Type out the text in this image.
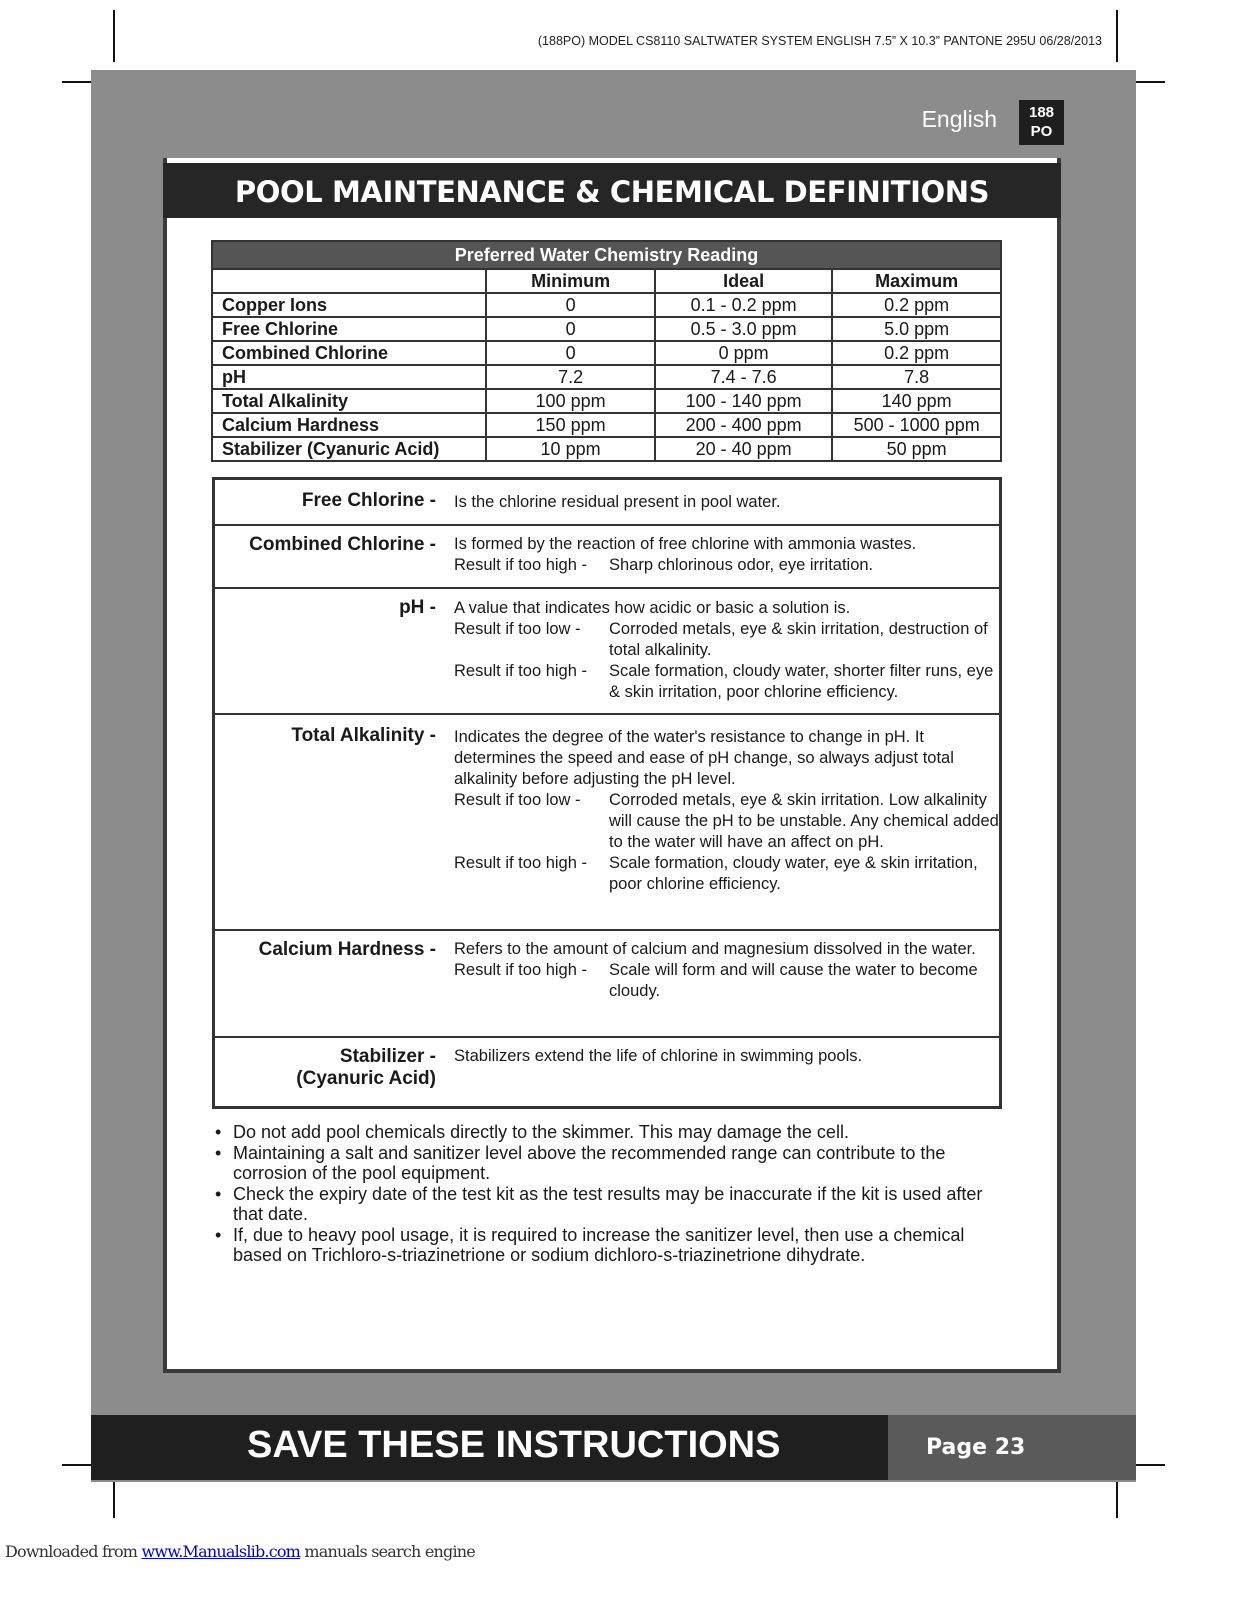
(188PO) MODEL CS8110 SALTWATER SYSTEM ENGLISH 7.5” X 10.3” PANTONE 295U 06/28/2013
English	188
PO
POOL MAINTENANCE & CHEMICAL DEFINITIONS
Preferred Water Chemistry Reading			
	Minimum	Ideal	Maximum
Copper Ions	0	0.1 - 0.2 ppm	0.2 ppm
Free Chlorine	0	0.5 - 3.0 ppm	5.0 ppm
Combined Chlorine	0	0 ppm	0.2 ppm
pH	7.2	7.4 - 7.6	7.8
Total Alkalinity	100 ppm	100 - 140 ppm	140 ppm
Calcium Hardness	150 ppm	200 - 400 ppm	500 - 1000 ppm
Stabilizer (Cyanuric Acid)	10 ppm	20 - 40 ppm	50 ppm
Free Chlorine - Is the chlorine residual present in pool water.
Combined Chlorine - Is formed by the reaction of free chlorine with ammonia wastes.
Result if too high - Sharp chlorinous odor, eye irritation.
pH - A value that indicates how acidic or basic a solution is.
Result if too low - Corroded metals, eye & skin irritation, destruction of total alkalinity.
Result if too high - Scale formation, cloudy water, shorter filter runs, eye & skin irritation, poor chlorine efficiency.
Total Alkalinity - Indicates the degree of the water's resistance to change in pH. It determines the speed and ease of pH change, so always adjust total alkalinity before adjusting the pH level.
Result if too low - Corroded metals, eye & skin irritation. Low alkalinity will cause the pH to be unstable. Any chemical added to the water will have an affect on pH.
Result if too high - Scale formation, cloudy water, eye & skin irritation, poor chlorine efficiency.
Calcium Hardness - Refers to the amount of calcium and magnesium dissolved in the water.
Result if too high - Scale will form and will cause the water to become cloudy.
Stabilizer -
(Cyanuric Acid)
Stabilizers extend the life of chlorine in swimming pools.
• Do not add pool chemicals directly to the skimmer. This may damage the cell.
• Maintaining a salt and sanitizer level above the recommended range can contribute to the corrosion of the pool equipment.
• Check the expiry date of the test kit as the test results may be inaccurate if the kit is used after that date.
• If, due to heavy pool usage, it is required to increase the sanitizer level, then use a chemical based on Trichloro-s-triazinetrione or sodium dichloro-s-triazinetrione dihydrate.
SAVE THESE INSTRUCTIONS	Page 23
Downloaded from www.Manualslib.com manuals search engine
